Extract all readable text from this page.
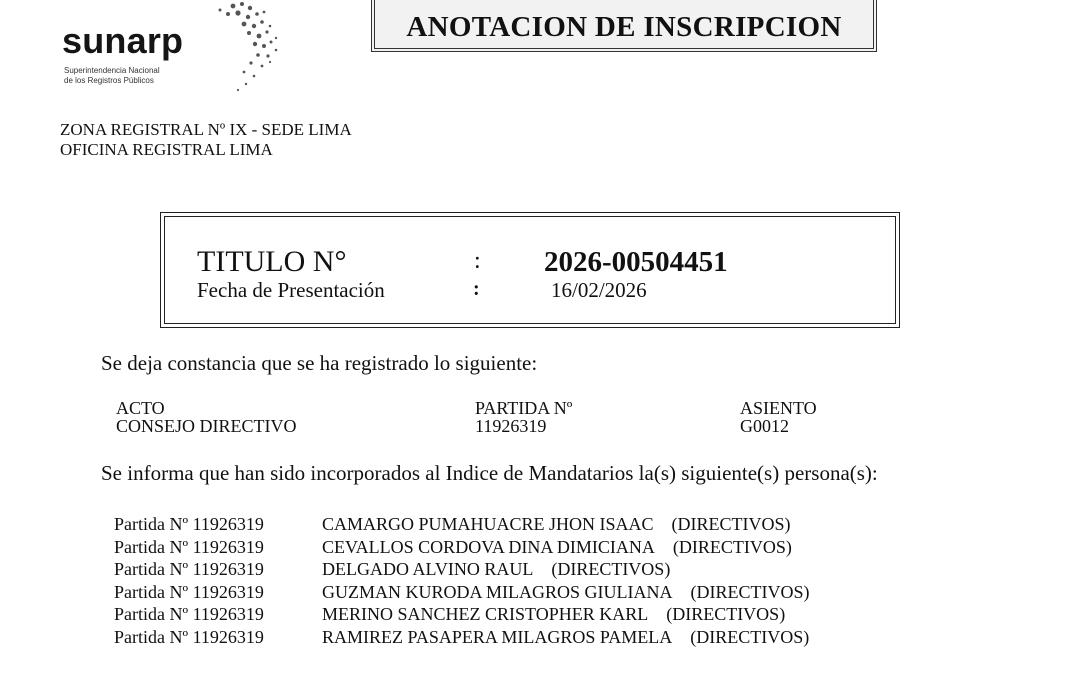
sunarp
Superintendencia Nacional
de los Registros Públicos
ANOTACION DE INSCRIPCION
ZONA REGISTRAL Nº IX - SEDE LIMA
OFICINA REGISTRAL LIMA
TITULO N°	: 2026-00504451
Fecha de Presentación	:	16/02/2026
Se deja constancia que se ha registrado lo siguiente:
ACTO	PARTIDA Nº	ASIENTO
CONSEJO DIRECTIVO	11926319	G0012
Se informa que han sido incorporados al Indice de Mandatarios la(s) siguiente(s) persona(s):
Partida Nº 11926319	CAMARGO PUMAHUACRE JHON ISAAC (DIRECTIVOS)
Partida Nº 11926319	CEVALLOS CORDOVA DINA DIMICIANA (DIRECTIVOS)
Partida Nº 11926319	DELGADO ALVINO RAUL (DIRECTIVOS)
Partida Nº 11926319	GUZMAN KURODA MILAGROS GIULIANA (DIRECTIVOS)
Partida Nº 11926319	MERINO SANCHEZ CRISTOPHER KARL (DIRECTIVOS)
Partida Nº 11926319	RAMIREZ PASAPERA MILAGROS PAMELA (DIRECTIVOS)
